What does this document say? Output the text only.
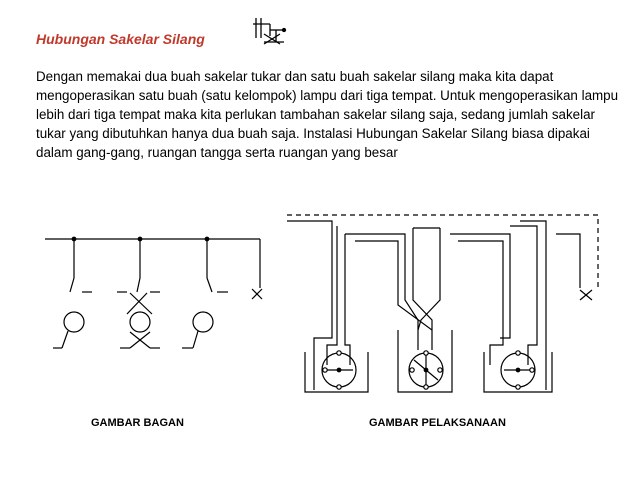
Hubungan Sakelar Silang

Dengan memakai dua buah sakelar tukar dan satu buah sakelar silang maka kita dapat mengoperasikan satu buah (satu kelompok) lampu dari tiga tempat. Untuk mengoperasikan lampu lebih dari tiga tempat maka kita perlukan tambahan sakelar silang saja, sedang jumlah sakelar tukar yang dibutuhkan hanya dua buah saja. Instalasi Hubungan Sakelar Silang biasa dipakai dalam gang-gang, ruangan tangga serta ruangan yang besar

GAMBAR BAGAN	GAMBAR PELAKSANAAN
